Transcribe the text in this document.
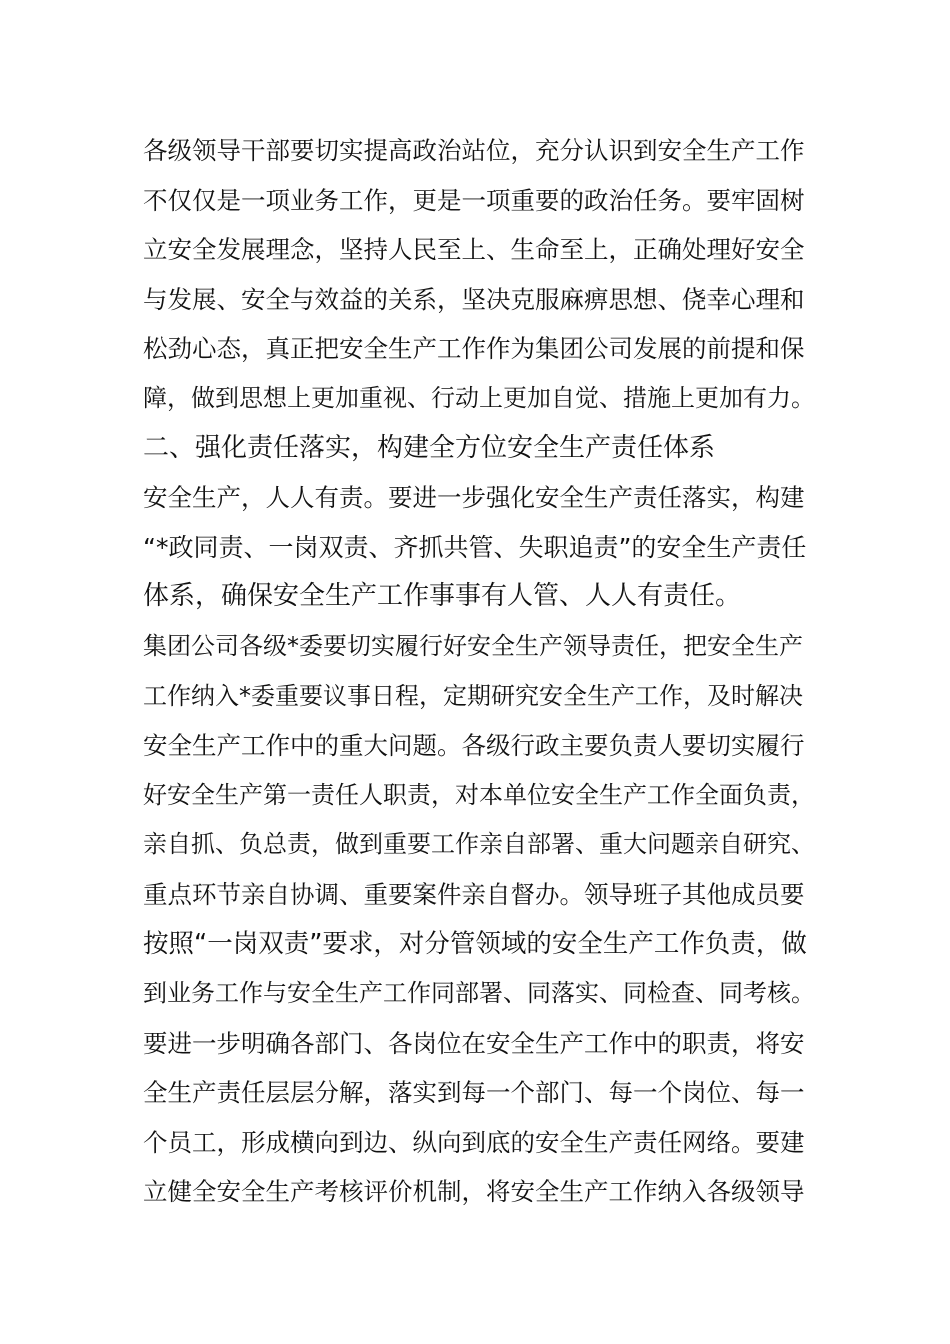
各级领导干部要切实提高政治站位，充分认识到安全生产工作
不仅仅是一项业务工作，更是一项重要的政治任务。要牢固树
立安全发展理念，坚持人民至上、生命至上，正确处理好安全
与发展、安全与效益的关系，坚决克服麻痹思想、侥幸心理和
松劲心态，真正把安全生产工作作为集团公司发展的前提和保
障，做到思想上更加重视、行动上更加自觉、措施上更加有力。
二、强化责任落实，构建全方位安全生产责任体系
安全生产，人人有责。要进一步强化安全生产责任落实，构建
“*政同责、一岗双责、齐抓共管、失职追责”的安全生产责任
体系，确保安全生产工作事事有人管、人人有责任。
集团公司各级*委要切实履行好安全生产领导责任，把安全生产
工作纳入*委重要议事日程，定期研究安全生产工作，及时解决
安全生产工作中的重大问题。各级行政主要负责人要切实履行
好安全生产第一责任人职责，对本单位安全生产工作全面负责，
亲自抓、负总责，做到重要工作亲自部署、重大问题亲自研究、
重点环节亲自协调、重要案件亲自督办。领导班子其他成员要
按照“一岗双责”要求，对分管领域的安全生产工作负责，做
到业务工作与安全生产工作同部署、同落实、同检查、同考核。
要进一步明确各部门、各岗位在安全生产工作中的职责，将安
全生产责任层层分解，落实到每一个部门、每一个岗位、每一
个员工，形成横向到边、纵向到底的安全生产责任网络。要建
立健全安全生产考核评价机制，将安全生产工作纳入各级领导
